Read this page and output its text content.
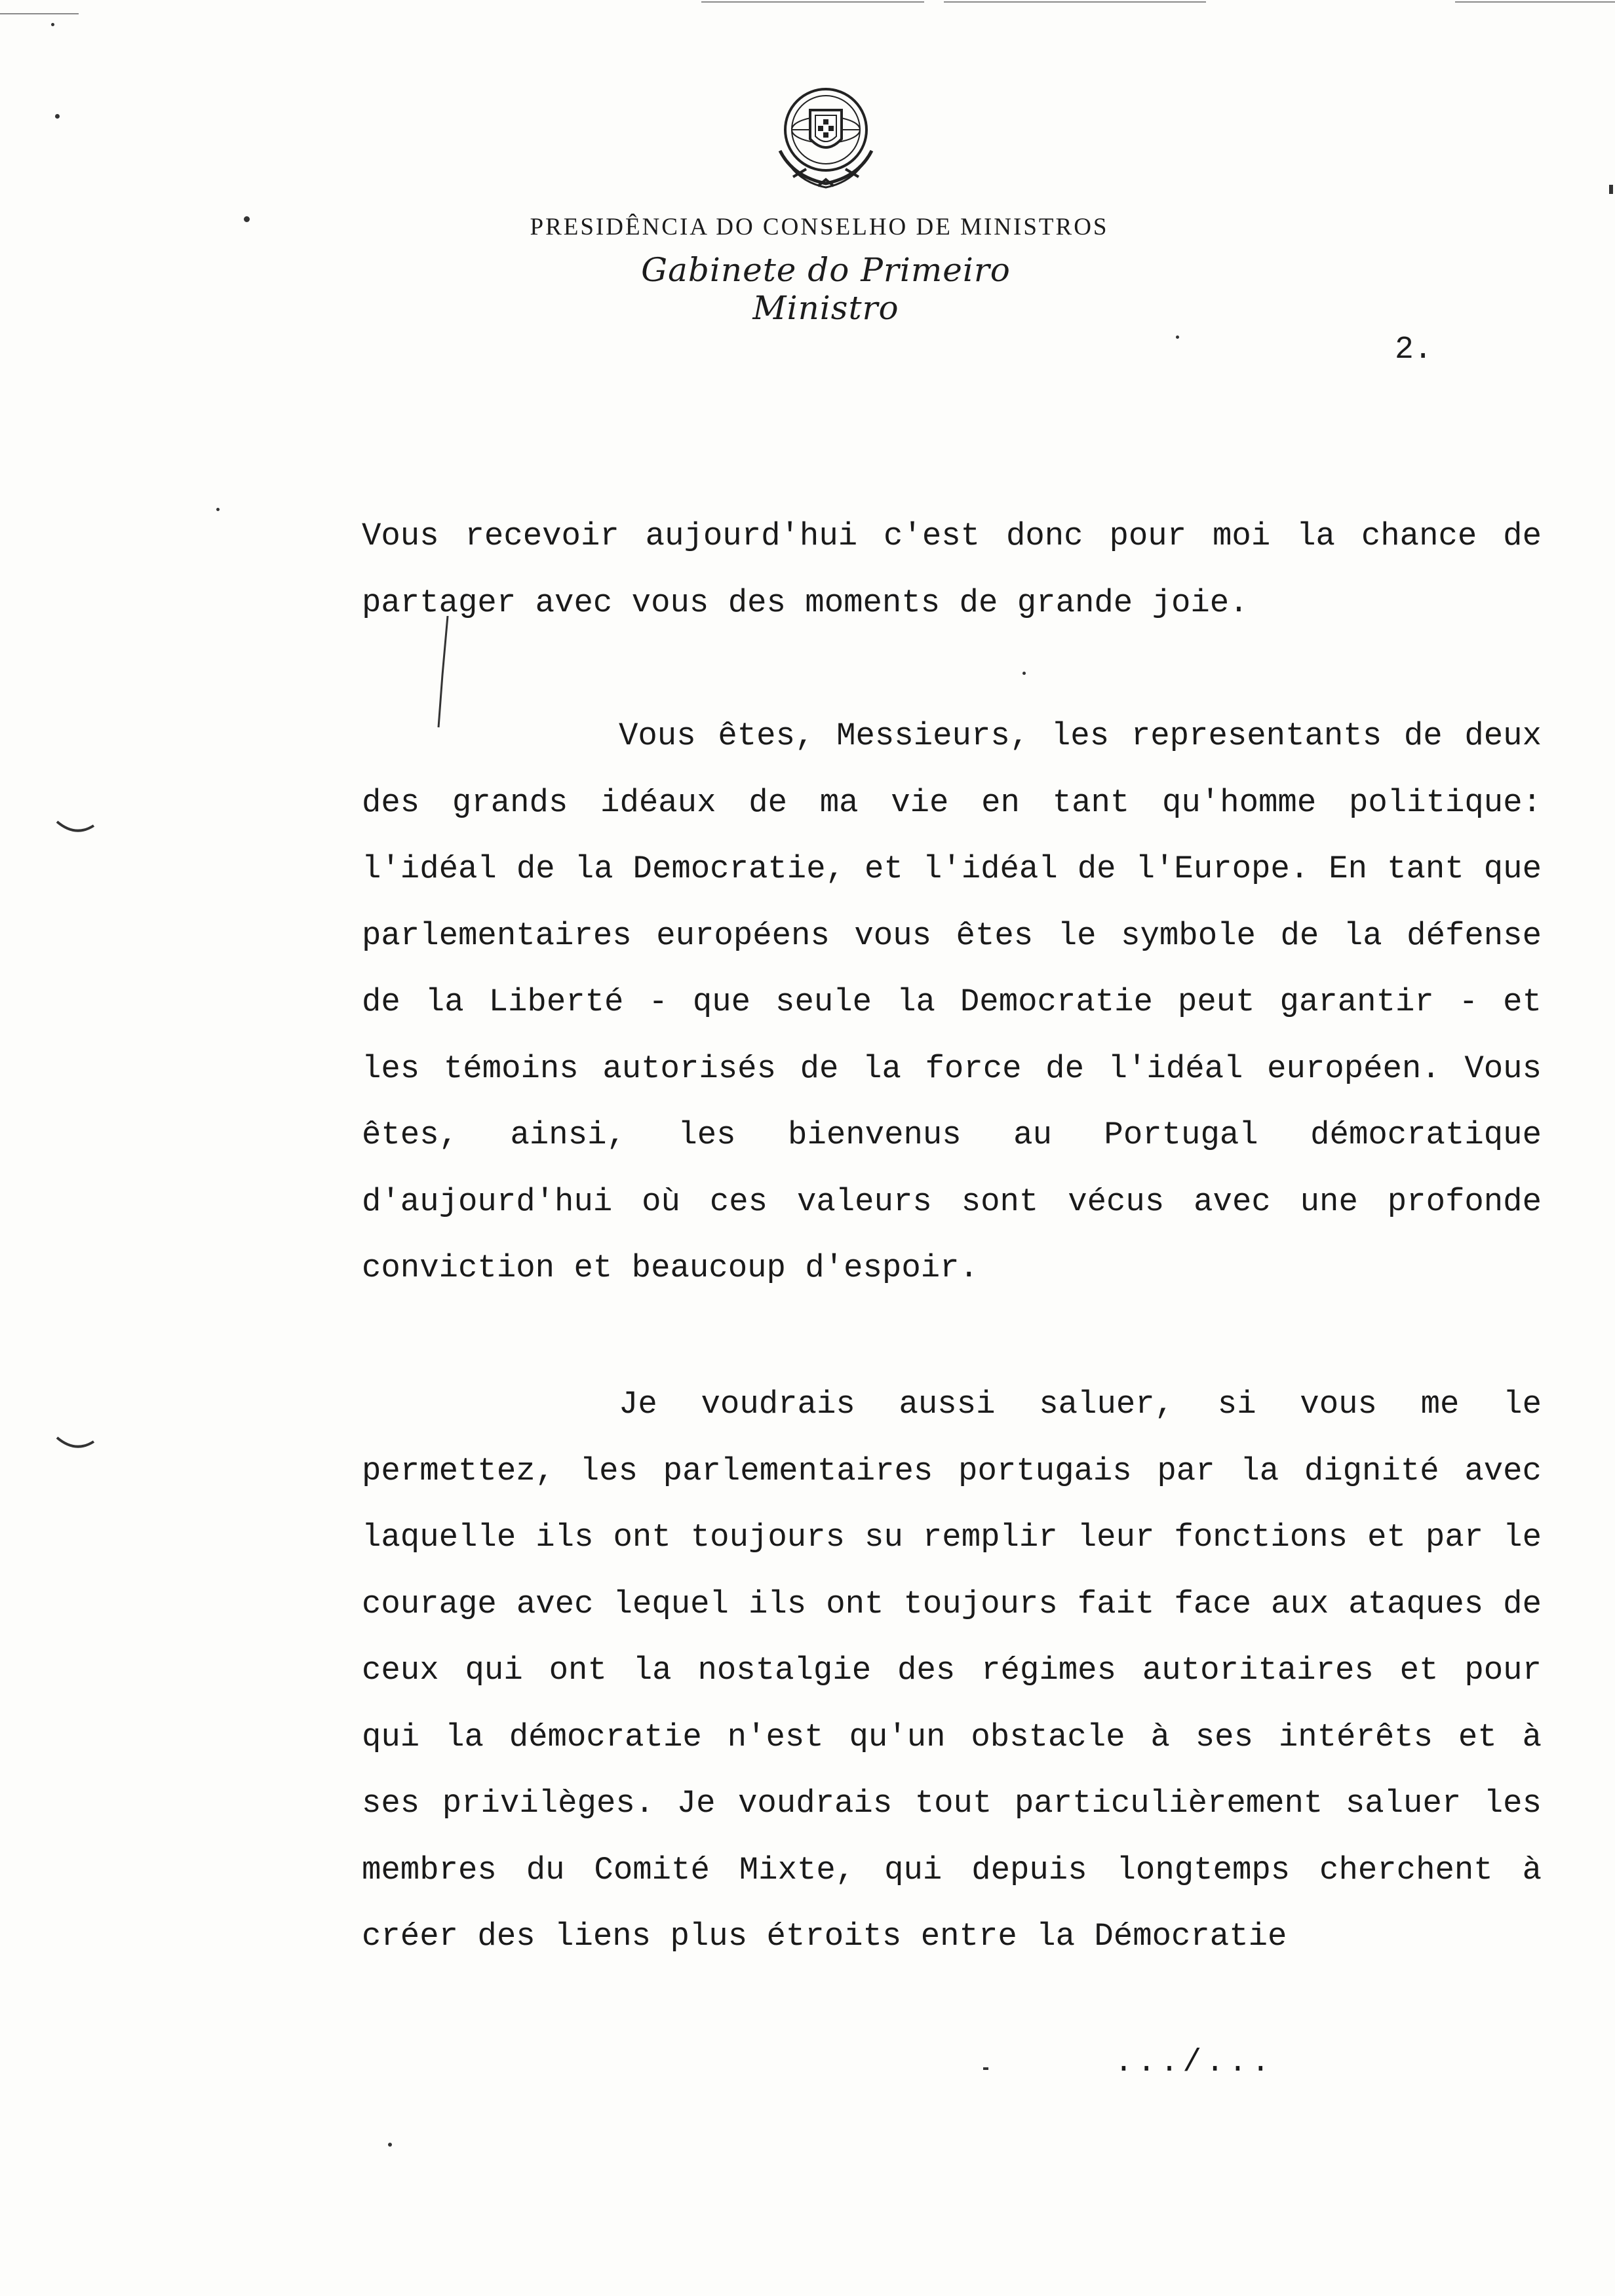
PRESIDÊNCIA DO CONSELHO DE MINISTROS
Gabinete do Primeiro Ministro
2.

Vous recevoir aujourd'hui c'est donc pour moi la chance de partager avec vous des moments de grande joie.

Vous êtes, Messieurs, les representants de deux des grands idéaux de ma vie en tant qu'homme politique: l'idéal de la Democratie, et l'idéal de l'Europe. En tant que parlementaires européens vous êtes le symbole de la défense de la Liberté - que seule la Democratie peut garantir - et les témoins autorisés de la force de l'idéal européen. Vous êtes, ainsi, les bienvenus au Portugal démocratique d'aujourd'hui où ces valeurs sont vécus avec une profonde conviction et beaucoup d'espoir.

Je voudrais aussi saluer, si vous me le permettez, les parlementaires portugais par la dignité avec laquelle ils ont toujours su remplir leur fonctions et par le courage avec lequel ils ont toujours fait face aux ataques de ceux qui ont la nostalgie des régimes autoritaires et pour qui la démocratie n'est qu'un obstacle à ses intérêts et à ses privilèges. Je voudrais tout particulièrement saluer les membres du Comité Mixte, qui depuis longtemps cherchent à créer des liens plus étroits entre la Démocratie

.../...
